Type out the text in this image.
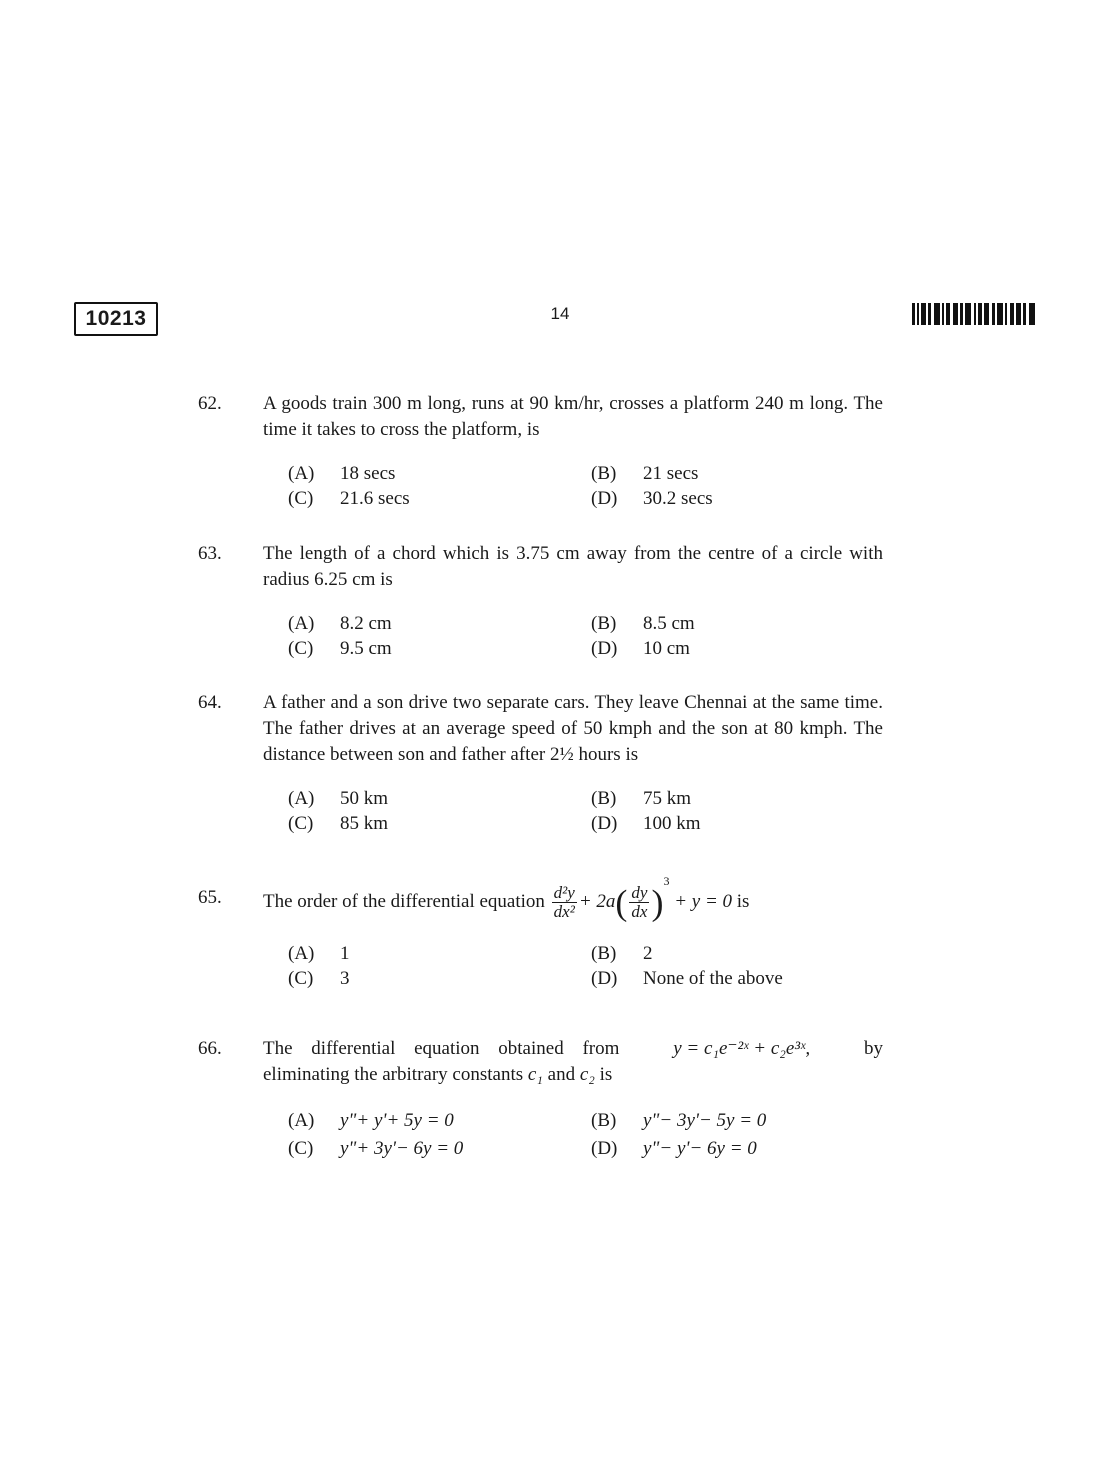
10213	14
62. A goods train 300 m long, runs at 90 km/hr, crosses a platform 240 m long. The time it takes to cross the platform, is
(A)	18 secs	(B)	21 secs
(C)	21.6 secs	(D)	30.2 secs
63. The length of a chord which is 3.75 cm away from the centre of a circle with radius 6.25 cm is
(A)	8.2 cm	(B)	8.5 cm
(C)	9.5 cm	(D)	10 cm
64. A father and a son drive two separate cars. They leave Chennai at the same time. The father drives at an average speed of 50 kmph and the son at 80 kmph. The distance between son and father after 2½ hours is
(A)	50 km	(B)	75 km
(C)	85 km	(D)	100 km
65. The order of the differential equation $\frac{\text{d²y}}{\text{dx²}} + 2a( \frac{dy}{dx} )^3 + y = 0$ is
(A)	1	(B)	2
(C)	3	(D)	None of the above
66. The differential equation obtained from	y = c₁e⁻²ˣ + c₂e³ˣ,	by
eliminating the arbitrary constants c₁ and c₂ is
(A)	y"+ y'+ 5y = 0	(B)	y"− 3y'− 5y = 0
(C)	y"+ 3y'− 6y = 0	(D)	y"− y'− 6y = 0
